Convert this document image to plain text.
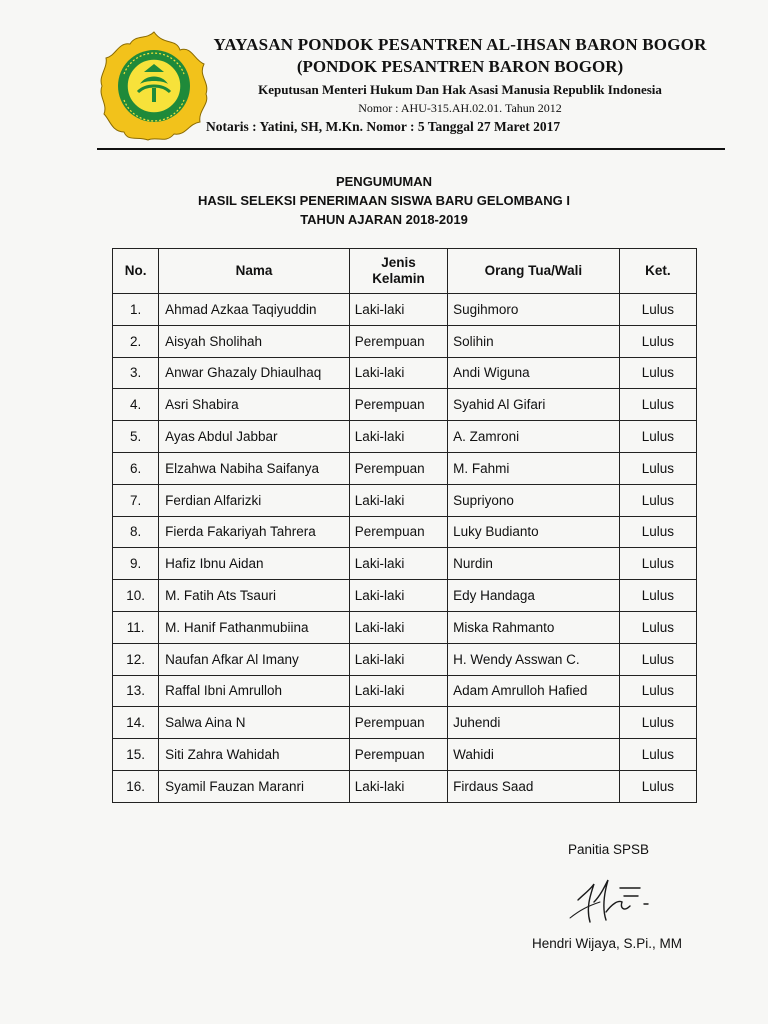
YAYASAN PONDOK PESANTREN AL-IHSAN BARON BOGOR
(PONDOK PESANTREN BARON BOGOR)
Keputusan Menteri Hukum Dan Hak Asasi Manusia Republik Indonesia
Nomor : AHU-315.AH.02.01. Tahun 2012
Notaris : Yatini, SH, M.Kn. Nomor : 5 Tanggal 27 Maret 2017
PENGUMUMAN
HASIL SELEKSI PENERIMAAN SISWA BARU GELOMBANG I
TAHUN AJARAN 2018-2019
No.	Nama	Jenis Kelamin	Orang Tua/Wali	Ket.
1.	Ahmad Azkaa Taqiyuddin	Laki-laki	Sugihmoro	Lulus
2.	Aisyah Sholihah	Perempuan	Solihin	Lulus
3.	Anwar Ghazaly Dhiaulhaq	Laki-laki	Andi Wiguna	Lulus
4.	Asri Shabira	Perempuan	Syahid Al Gifari	Lulus
5.	Ayas Abdul Jabbar	Laki-laki	A. Zamroni	Lulus
6.	Elzahwa Nabiha Saifanya	Perempuan	M. Fahmi	Lulus
7.	Ferdian Alfarizki	Laki-laki	Supriyono	Lulus
8.	Fierda Fakariyah Tahrera	Perempuan	Luky Budianto	Lulus
9.	Hafiz Ibnu Aidan	Laki-laki	Nurdin	Lulus
10.	M. Fatih Ats Tsauri	Laki-laki	Edy Handaga	Lulus
11.	M. Hanif Fathanmubiina	Laki-laki	Miska Rahmanto	Lulus
12.	Naufan Afkar Al Imany	Laki-laki	H. Wendy Asswan C.	Lulus
13.	Raffal Ibni Amrulloh	Laki-laki	Adam Amrulloh Hafied	Lulus
14.	Salwa Aina N	Perempuan	Juhendi	Lulus
15.	Siti Zahra Wahidah	Perempuan	Wahidi	Lulus
16.	Syamil Fauzan Maranri	Laki-laki	Firdaus Saad	Lulus
Panitia SPSB
Hendri Wijaya, S.Pi., MM
